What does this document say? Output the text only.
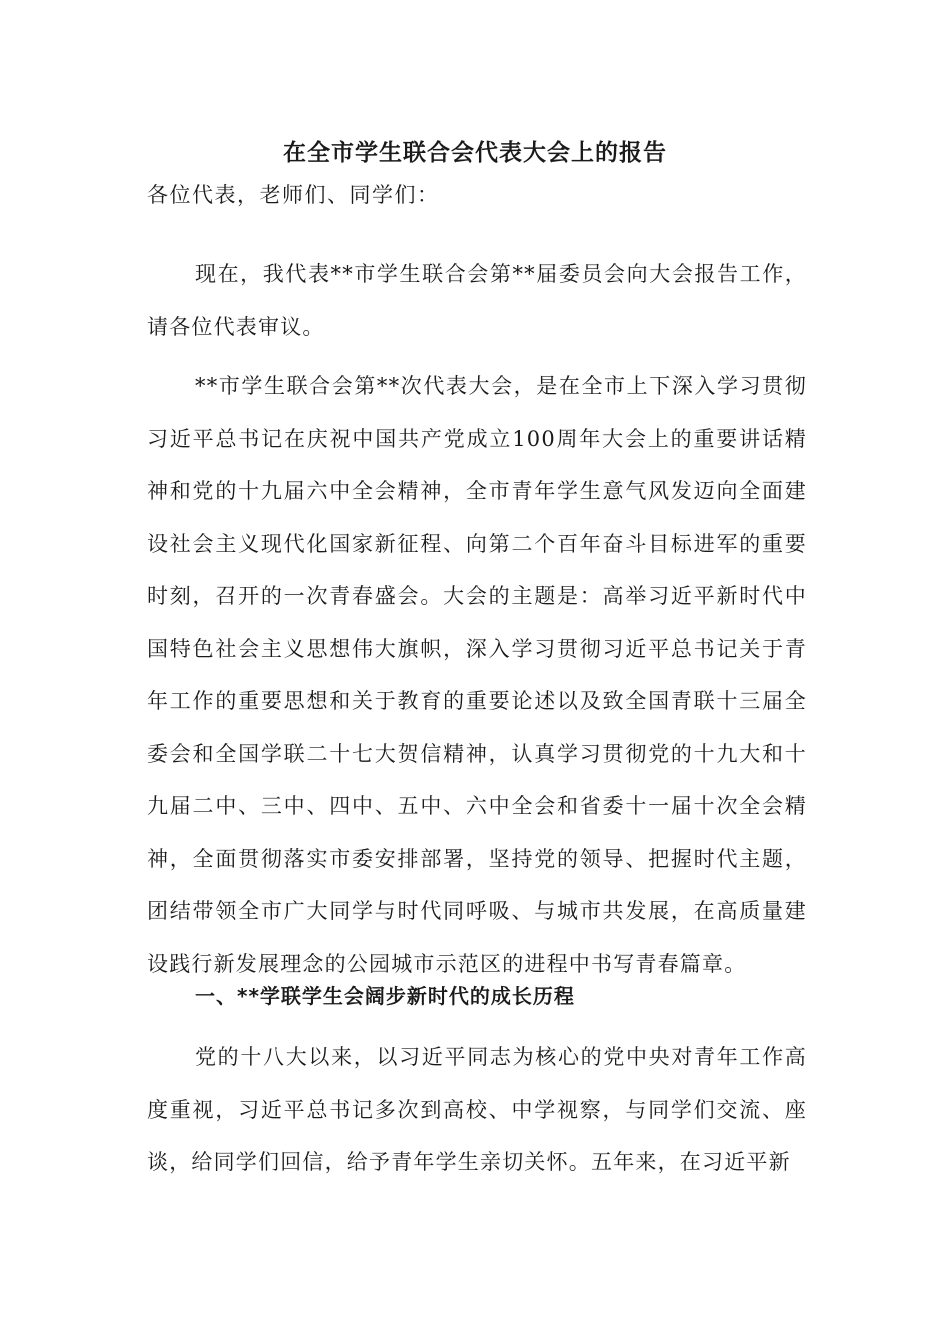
在全市学生联合会代表大会上的报告

各位代表，老师们、同学们：

现在，我代表**市学生联合会第**届委员会向大会报告工作，请各位代表审议。

**市学生联合会第**次代表大会，是在全市上下深入学习贯彻习近平总书记在庆祝中国共产党成立100周年大会上的重要讲话精神和党的十九届六中全会精神，全市青年学生意气风发迈向全面建设社会主义现代化国家新征程、向第二个百年奋斗目标进军的重要时刻，召开的一次青春盛会。大会的主题是：高举习近平新时代中国特色社会主义思想伟大旗帜，深入学习贯彻习近平总书记关于青年工作的重要思想和关于教育的重要论述以及致全国青联十三届全委会和全国学联二十七大贺信精神，认真学习贯彻党的十九大和十九届二中、三中、四中、五中、六中全会和省委十一届十次全会精神，全面贯彻落实市委安排部署，坚持党的领导、把握时代主题，团结带领全市广大同学与时代同呼吸、与城市共发展，在高质量建设践行新发展理念的公园城市示范区的进程中书写青春篇章。

一、**学联学生会阔步新时代的成长历程

党的十八大以来，以习近平同志为核心的党中央对青年工作高度重视，习近平总书记多次到高校、中学视察，与同学们交流、座谈，给同学们回信，给予青年学生亲切关怀。五年来，在习近平新
